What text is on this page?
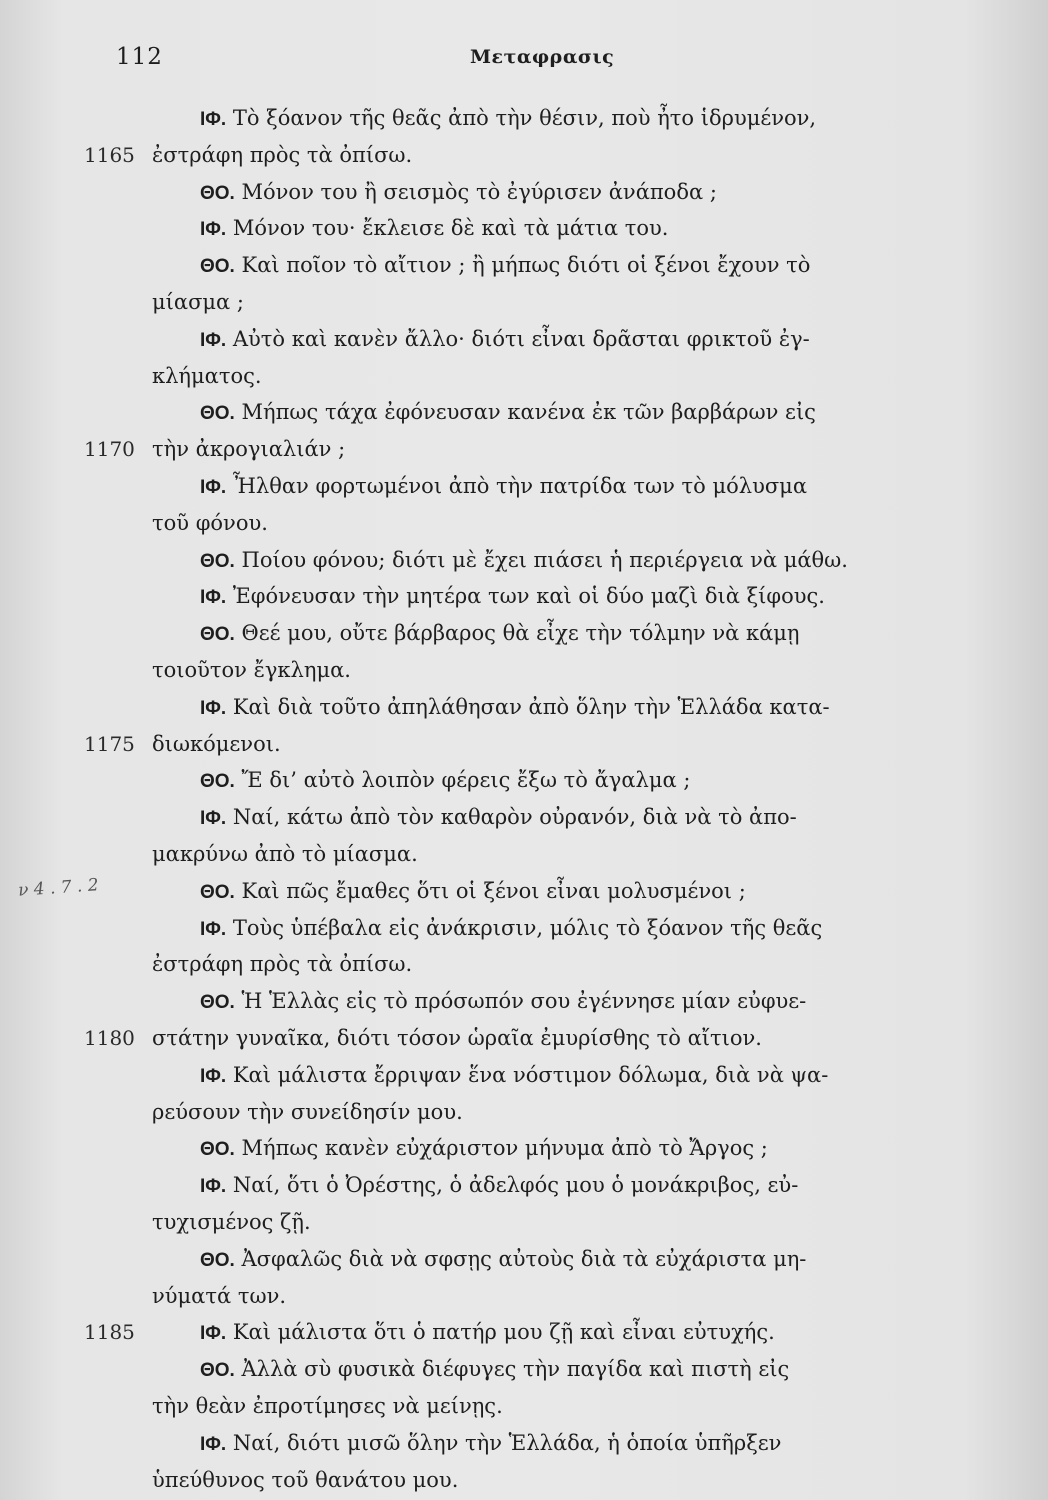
112	Μεταφρασις
ν 4 . 7 . 2
ΙΦ. Τὸ ξόανον τῆς θεᾶς ἀπὸ τὴν θέσιν, ποὺ ἦτο ἱδρυμένον,
1165 ἐστράφη πρὸς τὰ ὀπίσω.
ΘΟ. Μόνον του ἢ σεισμὸς τὸ ἐγύρισεν ἀνάποδα ;
ΙΦ. Μόνον του· ἔκλεισε δὲ καὶ τὰ μάτια του.
ΘΟ. Καὶ ποῖον τὸ αἴτιον ; ἢ μήπως διότι οἱ ξένοι ἔχουν τὸ
μίασμα ;
ΙΦ. Αὐτὸ καὶ κανὲν ἄλλο· διότι εἶναι δρᾶσται φρικτοῦ ἐγ-
κλήματος.
ΘΟ. Μήπως τάχα ἐφόνευσαν κανένα ἐκ τῶν βαρβάρων εἰς
1170 τὴν ἀκρογιαλιάν ;
ΙΦ. Ἦλθαν φορτωμένοι ἀπὸ τὴν πατρίδα των τὸ μόλυσμα
τοῦ φόνου.
ΘΟ. Ποίου φόνου; διότι μὲ ἔχει πιάσει ἡ περιέργεια νὰ μάθω.
ΙΦ. Ἐφόνευσαν τὴν μητέρα των καὶ οἱ δύο μαζὶ διὰ ξίφους.
ΘΟ. Θεέ μου, οὔτε βάρβαρος θὰ εἶχε τὴν τόλμην νὰ κάμῃ
τοιοῦτον ἔγκλημα.
ΙΦ. Καὶ διὰ τοῦτο ἀπηλάθησαν ἀπὸ ὅλην τὴν Ἑλλάδα κατα-
1175 διωκόμενοι.
ΘΟ. Ἔ δι’ αὐτὸ λοιπὸν φέρεις ἔξω τὸ ἄγαλμα ;
ΙΦ. Ναί, κάτω ἀπὸ τὸν καθαρὸν οὐρανόν, διὰ νὰ τὸ ἀπο-
μακρύνω ἀπὸ τὸ μίασμα.
ΘΟ. Καὶ πῶς ἔμαθες ὅτι οἱ ξένοι εἶναι μολυσμένοι ;
ΙΦ. Τοὺς ὑπέβαλα εἰς ἀνάκρισιν, μόλις τὸ ξόανον τῆς θεᾶς
ἐστράφη πρὸς τὰ ὀπίσω.
ΘΟ. Ἡ Ἑλλὰς εἰς τὸ πρόσωπόν σου ἐγέννησε μίαν εὐφυε-
1180 στάτην γυναῖκα, διότι τόσον ὡραῖα ἐμυρίσθης τὸ αἴτιον.
ΙΦ. Καὶ μάλιστα ἔρριψαν ἕνα νόστιμον δόλωμα, διὰ νὰ ψα-
ρεύσουν τὴν συνείδησίν μου.
ΘΟ. Μήπως κανὲν εὐχάριστον μήνυμα ἀπὸ τὸ Ἄργος ;
ΙΦ. Ναί, ὅτι ὁ Ὀρέστης, ὁ ἀδελφός μου ὁ μονάκριβος, εὐ-
τυχισμένος ζῇ.
ΘΟ. Ἀσφαλῶς διὰ νὰ σφσῃς αὐτοὺς διὰ τὰ εὐχάριστα μη-
νύματά των.
1185	ΙΦ. Καὶ μάλιστα ὅτι ὁ πατήρ μου ζῇ καὶ εἶναι εὐτυχής.
ΘΟ. Ἀλλὰ σὺ φυσικὰ διέφυγες τὴν παγίδα καὶ πιστὴ εἰς
τὴν θεὰν ἐπροτίμησες νὰ μείνῃς.
ΙΦ. Ναί, διότι μισῶ ὅλην τὴν Ἑλλάδα, ἡ ὁποία ὑπῆρξεν
ὑπεύθυνος τοῦ θανάτου μου.
